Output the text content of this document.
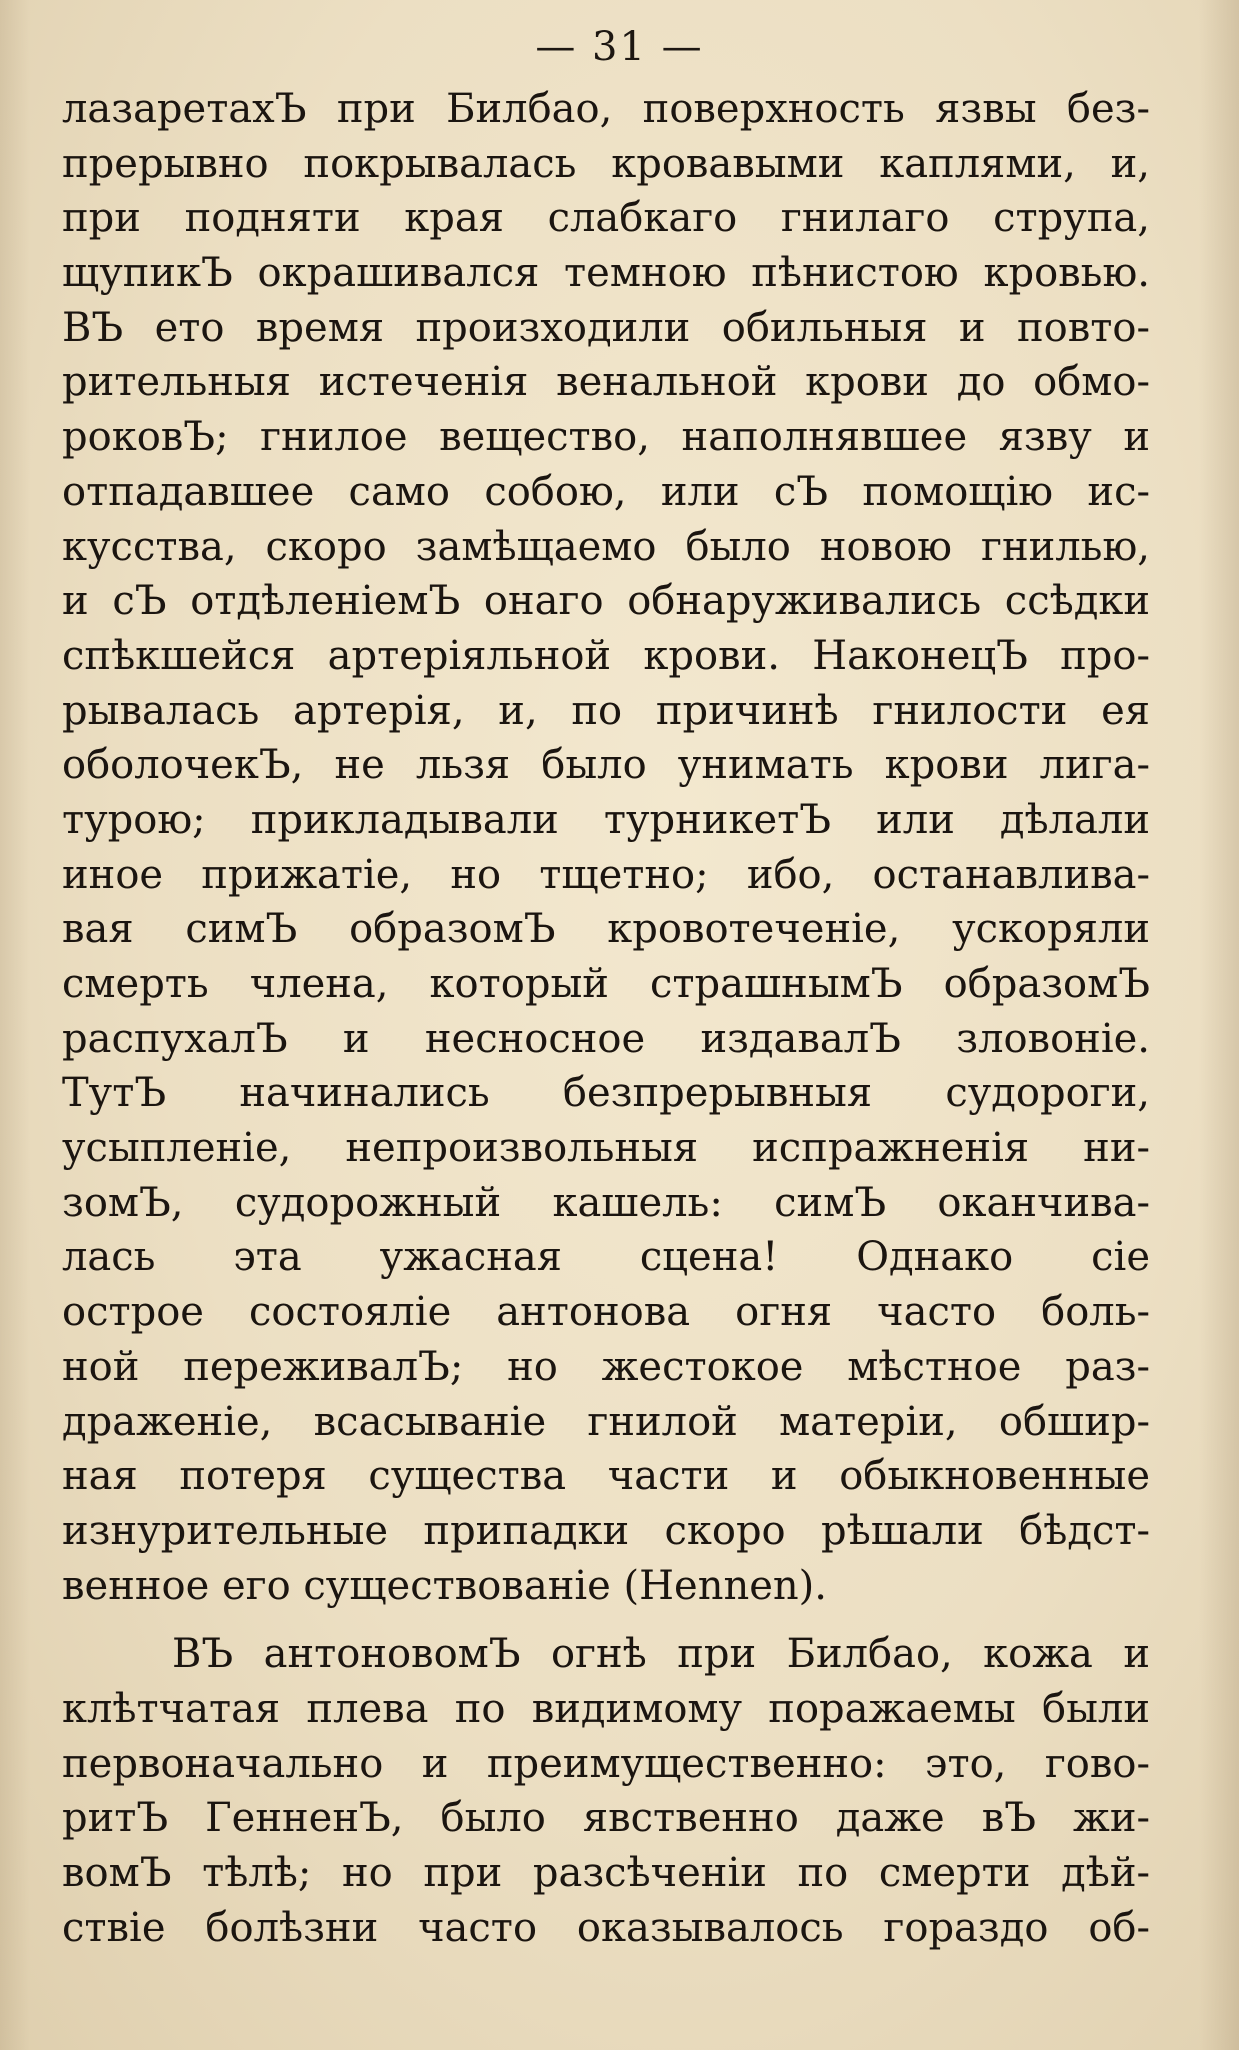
— 31 —
лазаретахЪ при Билбао, поверхность язвы без-
прерывно покрывалась кровавыми каплями, и,
при подняти края слабкаго гнилаго струпа,
щупикЪ окрашивался темною пѣнистою кровью.
ВЪ ето время произходили обильныя и повто-
рительныя истеченія венальной крови до обмо-
роковЪ; гнилое вещество, наполнявшее язву и
отпадавшее само собою, или сЪ помощію ис-
кусства, скоро замѣщаемо было новою гнилью,
и сЪ отдѣленіемЪ онаго обнаруживались ссѣдки
спѣкшейся артеріяльной крови. НаконецЪ про-
рывалась артерія, и, по причинѣ гнилости ея
оболочекЪ, не льзя было унимать крови лига-
турою; прикладывали турникетЪ или дѣлали
иное прижатіе, но тщетно; ибо, останавлива-
вая симЪ образомЪ кровотеченіе, ускоряли
смерть члена, который страшнымЪ образомЪ
распухалЪ и несносное издавалЪ зловоніе.
ТутЪ начинались безпрерывныя судороги,
усыпленіе, непроизвольныя испражненія ни-
зомЪ, судорожный кашель: симЪ оканчива-
лась эта ужасная сцена! Однако сіе
острое состояліе антонова огня часто боль-
ной переживалЪ; но жестокое мѣстное раз-
драженіе, всасываніе гнилой матеріи, обшир-
ная потеря существа части и обыкновенные
изнурительные припадки скоро рѣшали бѣдст-
венное его существованіе (Hennen).
ВЪ антоновомЪ огнѣ при Билбао, кожа и
клѣтчатая плева по видимому поражаемы были
первоначально и преимущественно: это, гово-
ритЪ ГенненЪ, было явственно даже вЪ жи-
вомЪ тѣлѣ; но при разсѣченіи по смерти дѣй-
ствіе болѣзни часто оказывалось гораздо об-
